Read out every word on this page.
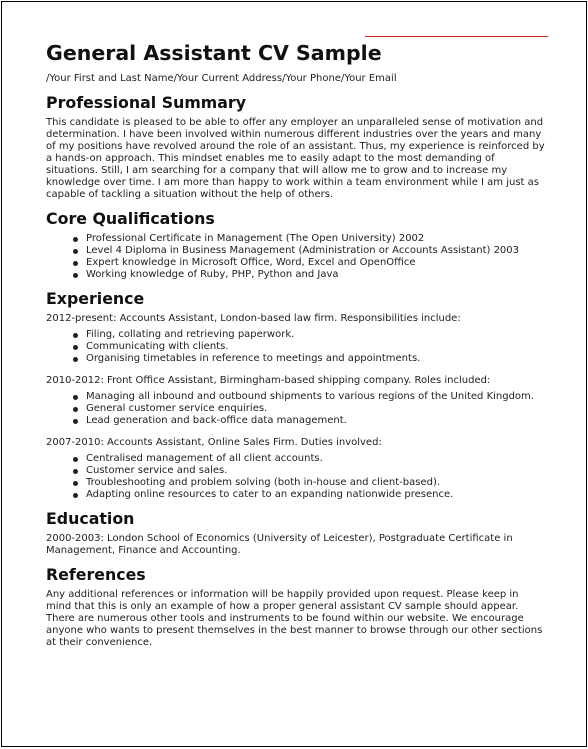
General Assistant CV Sample
/Your First and Last Name/Your Current Address/Your Phone/Your Email
Professional Summary

This candidate is pleased to be able to offer any employer an unparalleled sense of motivation and determination. I have been involved within numerous different industries over the years and many of my positions have revolved around the role of an assistant. Thus, my experience is reinforced by a hands-on approach. This mindset enables me to easily adapt to the most demanding of situations. Still, I am searching for a company that will allow me to grow and to increase my knowledge over time. I am more than happy to work within a team environment while I am just as capable of tackling a situation without the help of others.

Core Qualifications
Professional Certificate in Management (The Open University) 2002
Level 4 Diploma in Business Management (Administration or Accounts Assistant) 2003
Expert knowledge in Microsoft Office, Word, Excel and OpenOffice
Working knowledge of Ruby, PHP, Python and Java
Experience
2012-present: Accounts Assistant, London-based law firm. Responsibilities include:
Filing, collating and retrieving paperwork.
Communicating with clients.
Organising timetables in reference to meetings and appointments.
2010-2012: Front Office Assistant, Birmingham-based shipping company. Roles included:
Managing all inbound and outbound shipments to various regions of the United Kingdom.
General customer service enquiries.
Lead generation and back-office data management.
2007-2010: Accounts Assistant, Online Sales Firm. Duties involved:
Centralised management of all client accounts.
Customer service and sales.
Troubleshooting and problem solving (both in-house and client-based).
Adapting online resources to cater to an expanding nationwide presence.
Education

2000-2003: London School of Economics (University of Leicester), Postgraduate Certificate in Management, Finance and Accounting.

References

Any additional references or information will be happily provided upon request. Please keep in mind that this is only an example of how a proper general assistant CV sample should appear. There are numerous other tools and instruments to be found within our website. We encourage anyone who wants to present themselves in the best manner to browse through our other sections at their convenience.
